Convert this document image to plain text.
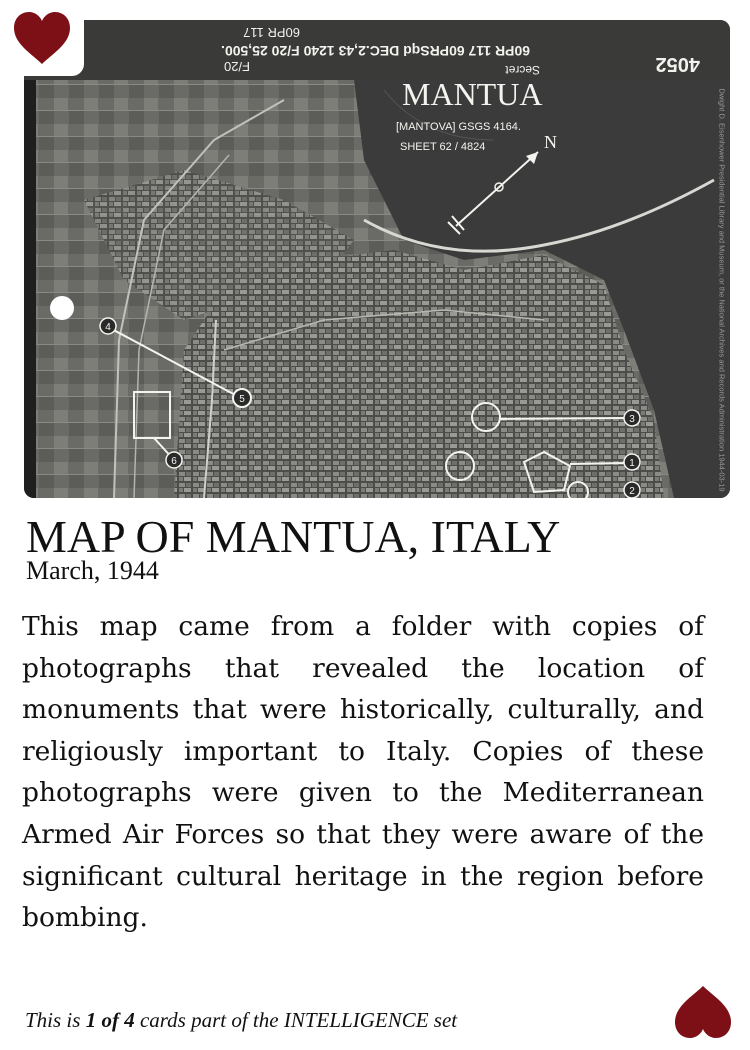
60PR 117 60PRSqd DEC.2,43 1240 F/20 25,500.
60PR 117
4052
Secret
F/20
MANTUA
[MANTOVA] GSGS 4164.
SHEET 62 / 4824	N
1
2
3
4
5
6	Dwight D. Eisenhower Presidential Library and Museum, or the National Archives and Records Administration 1944-03-19
MAP OF MANTUA, ITALY
March, 1944
This map came from a folder with copies of photographs that revealed the location of monuments that were historically, culturally, and religiously important to Italy. Copies of these photographs were given to the Mediterranean Armed Air Forces so that they were aware of the significant cultural heritage in the region before bombing.
This is 1 of 4 cards part of the INTELLIGENCE set
